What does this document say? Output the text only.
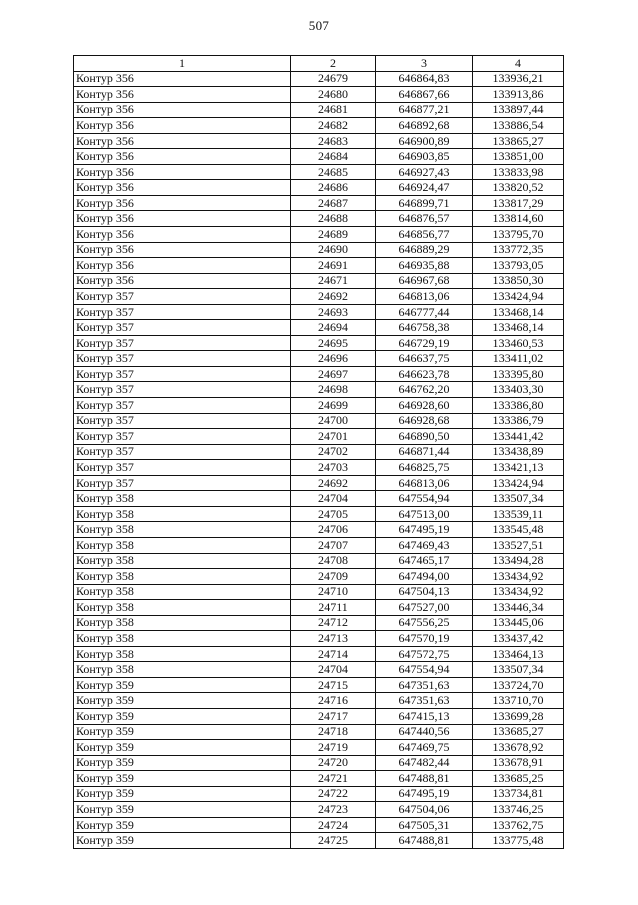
507
1	2	3	4
Контур 356	24679	646864,83	133936,21
Контур 356	24680	646867,66	133913,86
Контур 356	24681	646877,21	133897,44
Контур 356	24682	646892,68	133886,54
Контур 356	24683	646900,89	133865,27
Контур 356	24684	646903,85	133851,00
Контур 356	24685	646927,43	133833,98
Контур 356	24686	646924,47	133820,52
Контур 356	24687	646899,71	133817,29
Контур 356	24688	646876,57	133814,60
Контур 356	24689	646856,77	133795,70
Контур 356	24690	646889,29	133772,35
Контур 356	24691	646935,88	133793,05
Контур 356	24671	646967,68	133850,30
Контур 357	24692	646813,06	133424,94
Контур 357	24693	646777,44	133468,14
Контур 357	24694	646758,38	133468,14
Контур 357	24695	646729,19	133460,53
Контур 357	24696	646637,75	133411,02
Контур 357	24697	646623,78	133395,80
Контур 357	24698	646762,20	133403,30
Контур 357	24699	646928,60	133386,80
Контур 357	24700	646928,68	133386,79
Контур 357	24701	646890,50	133441,42
Контур 357	24702	646871,44	133438,89
Контур 357	24703	646825,75	133421,13
Контур 357	24692	646813,06	133424,94
Контур 358	24704	647554,94	133507,34
Контур 358	24705	647513,00	133539,11
Контур 358	24706	647495,19	133545,48
Контур 358	24707	647469,43	133527,51
Контур 358	24708	647465,17	133494,28
Контур 358	24709	647494,00	133434,92
Контур 358	24710	647504,13	133434,92
Контур 358	24711	647527,00	133446,34
Контур 358	24712	647556,25	133445,06
Контур 358	24713	647570,19	133437,42
Контур 358	24714	647572,75	133464,13
Контур 358	24704	647554,94	133507,34
Контур 359	24715	647351,63	133724,70
Контур 359	24716	647351,63	133710,70
Контур 359	24717	647415,13	133699,28
Контур 359	24718	647440,56	133685,27
Контур 359	24719	647469,75	133678,92
Контур 359	24720	647482,44	133678,91
Контур 359	24721	647488,81	133685,25
Контур 359	24722	647495,19	133734,81
Контур 359	24723	647504,06	133746,25
Контур 359	24724	647505,31	133762,75
Контур 359	24725	647488,81	133775,48
